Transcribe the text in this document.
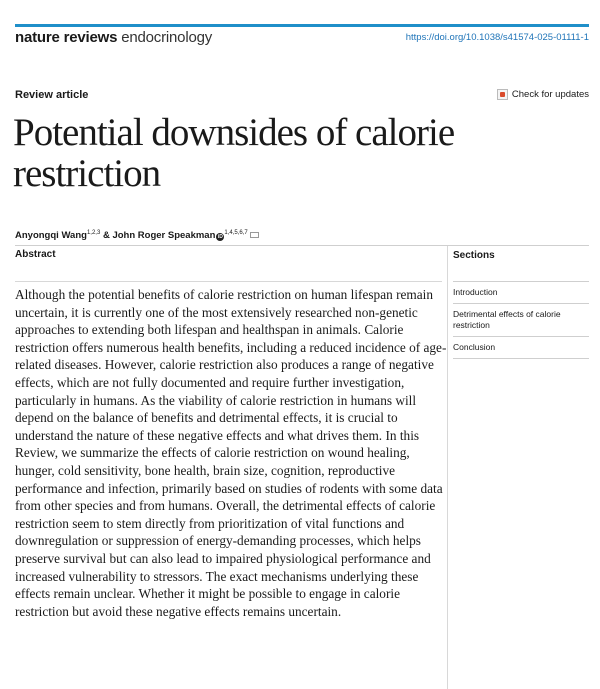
nature reviews endocrinology	https://doi.org/10.1038/s41574-025-01111-1
Review article	Check for updates
Potential downsides of calorie restriction
Anyongqi Wang$^{1,2,3}$ & John Roger Speakman iD$^{1,4,5,6,7}$
Abstract

Although the potential benefits of calorie restriction on human lifespan remain uncertain, it is currently one of the most extensively researched non-genetic approaches to extending both lifespan and healthspan in animals. Calorie restriction offers numerous health benefits, including a reduced incidence of age-related diseases. However, calorie restriction also produces a range of negative effects, which are not fully documented and require further investigation, particularly in humans. As the viability of calorie restriction in humans will depend on the balance of benefits and detrimental effects, it is crucial to understand the nature of these negative effects and what drives them. In this Review, we summarize the effects of calorie restriction on wound healing, hunger, cold sensitivity, bone health, brain size, cognition, reproductive performance and infection, primarily based on studies of rodents with some data from other species and from humans. Overall, the detrimental effects of calorie restriction seem to stem directly from prioritization of vital functions and downregulation or suppression of energy-demanding processes, which helps preserve survival but can also lead to impaired physiological performance and increased vulnerability to stressors. The exact mechanisms underlying these effects remain unclear. Whether it might be possible to engage in calorie restriction but avoid these negative effects remains uncertain.

Sections
Introduction
Detrimental effects of calorie restriction
Conclusion
